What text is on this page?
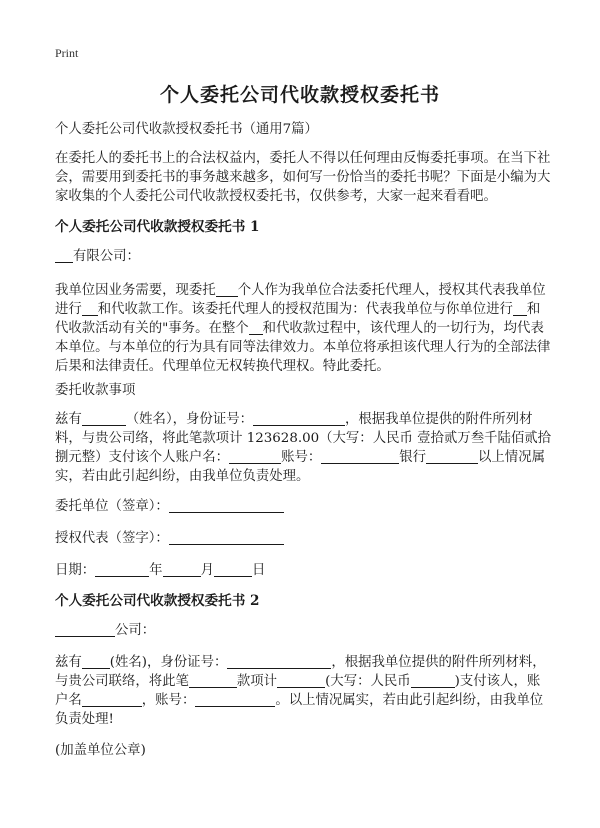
Print
个人委托公司代收款授权委托书

个人委托公司代收款授权委托书（通用7篇）

在委托人的委托书上的合法权益内，委托人不得以任何理由反悔委托事项。在当下社会，需要用到委托书的事务越来越多，如何写一份恰当的委托书呢？下面是小编为大家收集的个人委托公司代收款授权委托书，仅供参考，大家一起来看看吧。

个人委托公司代收款授权委托书 1

有限公司：

我单位因业务需要，现委托 个人作为我单位合法委托代理人，授权其代表我单位进行 和代收款工作。该委托代理人的授权范围为：代表我单位与你单位进行 和代收款活动有关的"事务。在整个 和代收款过程中，该代理人的一切行为，均代表本单位。与本单位的行为具有同等法律效力。本单位将承担该代理人行为的全部法律后果和法律责任。代理单位无权转换代理权。特此委托。

委托收款事项

兹有	（姓名），身份证号：	，根据我单位提供的附件所列材料，与贵公司络，将此笔款项计 123628.00（大写：人民币 壹拾贰万叁千陆佰贰拾捌元整）支付该个人账户名：	账号：	银行	以上情况属实，若由此引起纠纷，由我单位负责处理。

委托单位（签章）：

授权代表（签字）：

日期：	年	月	日

个人委托公司代收款授权委托书 2

公司：

兹有 (姓名)，身份证号：	，根据我单位提供的附件所列材料，与贵公司联络，将此笔	款项计	(大写：人民币	)支付该人，账户名	，账号：	。以上情况属实，若由此引起纠纷，由我单位负责处理!

(加盖单位公章)
